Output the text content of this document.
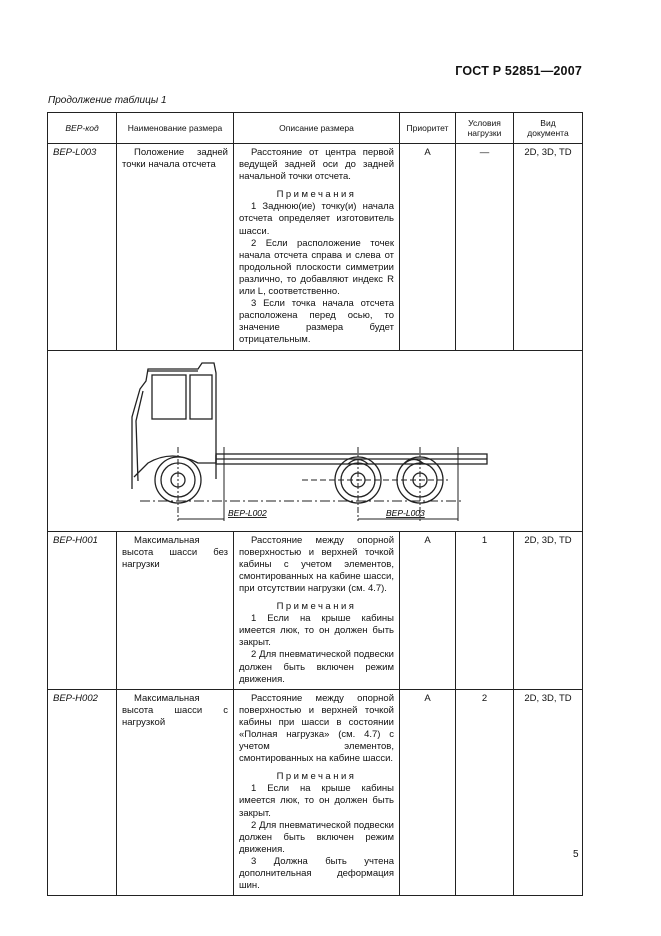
ГОСТ Р 52851—2007
Продолжение таблицы 1
ВЕР-код	Наименование размера	Описание размера	Приоритет	Условия нагрузки	Вид документа
ВЕР-L003	Положение задней точки начала отсчета	Расстояние от центра первой ведущей задней оси до задней начальной точки отсчета.

Примечания

1 Заднюю(ие) точку(и) начала отсчета определяет изготовитель шасси.

2 Если расположение точек начала отсчета справа и слева от продольной плоскости симметрии различно, то добавляют индекс R или L, соответственно.

3 Если точка начала отсчета расположена перед осью, то значение размера будет отрицательным.	A	—	2D, 3D, TD

ВЕР-L002 ВЕР-L003					

ВЕР-H001	Максимальная высота шасси без нагрузки	Расстояние между опорной поверхностью и верхней точкой кабины с учетом элементов, смонтированных на кабине шасси, при отсутствии нагрузки (см. 4.7).

Примечания

1 Если на крыше кабины имеется люк, то он должен быть закрыт.

2 Для пневматической подвески должен быть включен режим движения.	A	1	2D, 3D, TD
ВЕР-H002	Максимальная высота шасси с нагрузкой	Расстояние между опорной поверхностью и верхней точкой кабины при шасси в состоянии «Полная нагрузка» (см. 4.7) с учетом элементов, смонтированных на кабине шасси.

Примечания

1 Если на крыше кабины имеется люк, то он должен быть закрыт.

2 Для пневматической подвески должен быть включен режим движения.

3 Должна быть учтена дополнительная деформация шин.	A	2	2D, 3D, TD
5
